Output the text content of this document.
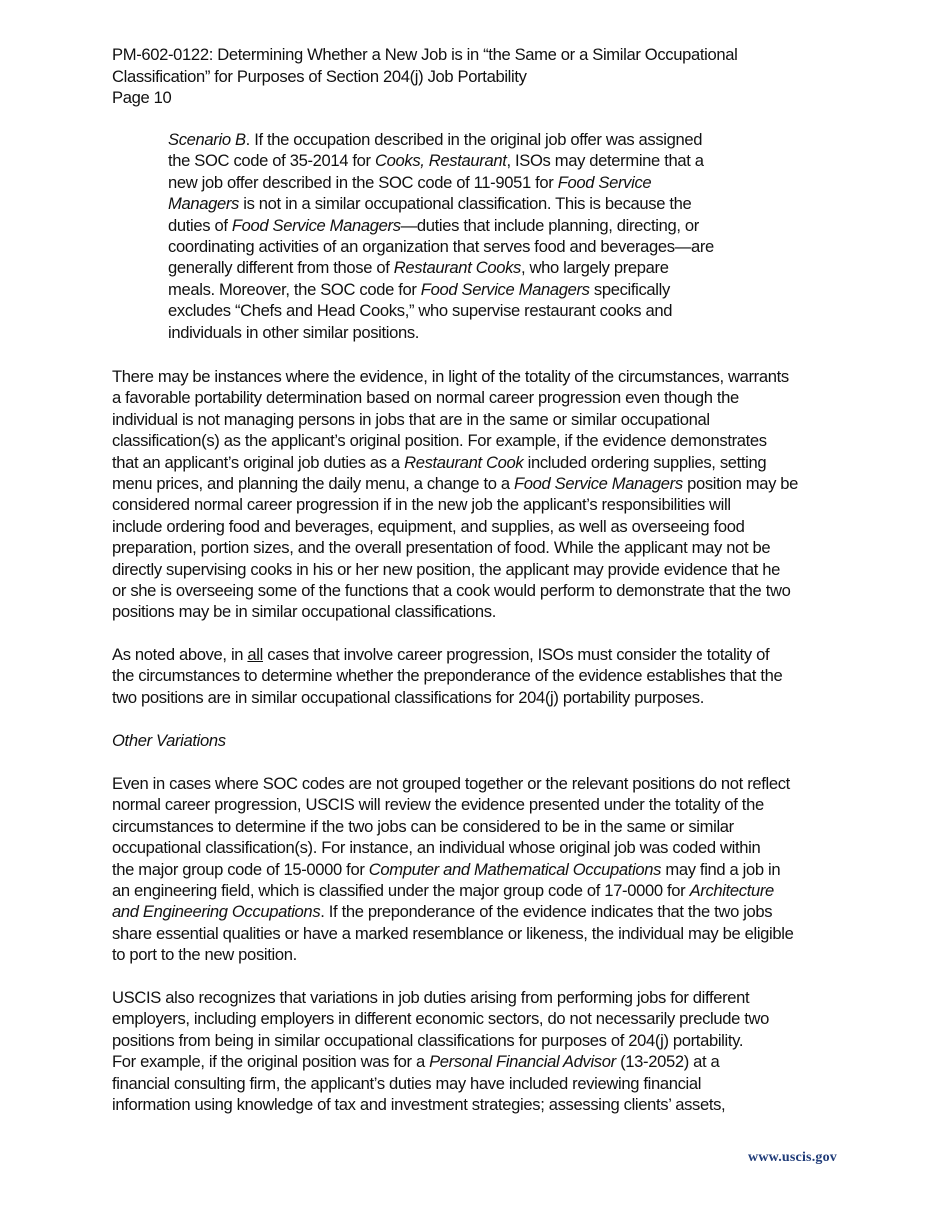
PM-602-0122: Determining Whether a New Job is in “the Same or a Similar Occupational
Classification” for Purposes of Section 204(j) Job Portability
Page 10
Scenario B. If the occupation described in the original job offer was assigned
the SOC code of 35-2014 for Cooks, Restaurant, ISOs may determine that a
new job offer described in the SOC code of 11-9051 for Food Service
Managers is not in a similar occupational classification. This is because the
duties of Food Service Managers—duties that include planning, directing, or
coordinating activities of an organization that serves food and beverages—are
generally different from those of Restaurant Cooks, who largely prepare
meals. Moreover, the SOC code for Food Service Managers specifically
excludes “Chefs and Head Cooks,” who supervise restaurant cooks and
individuals in other similar positions.
There may be instances where the evidence, in light of the totality of the circumstances, warrants
a favorable portability determination based on normal career progression even though the
individual is not managing persons in jobs that are in the same or similar occupational
classification(s) as the applicant’s original position. For example, if the evidence demonstrates
that an applicant’s original job duties as a Restaurant Cook included ordering supplies, setting
menu prices, and planning the daily menu, a change to a Food Service Managers position may be
considered normal career progression if in the new job the applicant’s responsibilities will
include ordering food and beverages, equipment, and supplies, as well as overseeing food
preparation, portion sizes, and the overall presentation of food. While the applicant may not be
directly supervising cooks in his or her new position, the applicant may provide evidence that he
or she is overseeing some of the functions that a cook would perform to demonstrate that the two
positions may be in similar occupational classifications.
As noted above, in all cases that involve career progression, ISOs must consider the totality of
the circumstances to determine whether the preponderance of the evidence establishes that the
two positions are in similar occupational classifications for 204(j) portability purposes.
Other Variations
Even in cases where SOC codes are not grouped together or the relevant positions do not reflect
normal career progression, USCIS will review the evidence presented under the totality of the
circumstances to determine if the two jobs can be considered to be in the same or similar
occupational classification(s). For instance, an individual whose original job was coded within
the major group code of 15-0000 for Computer and Mathematical Occupations may find a job in
an engineering field, which is classified under the major group code of 17-0000 for Architecture
and Engineering Occupations. If the preponderance of the evidence indicates that the two jobs
share essential qualities or have a marked resemblance or likeness, the individual may be eligible
to port to the new position.
USCIS also recognizes that variations in job duties arising from performing jobs for different
employers, including employers in different economic sectors, do not necessarily preclude two
positions from being in similar occupational classifications for purposes of 204(j) portability.
For example, if the original position was for a Personal Financial Advisor (13-2052) at a
financial consulting firm, the applicant’s duties may have included reviewing financial
information using knowledge of tax and investment strategies; assessing clients’ assets,
www.uscis.gov
